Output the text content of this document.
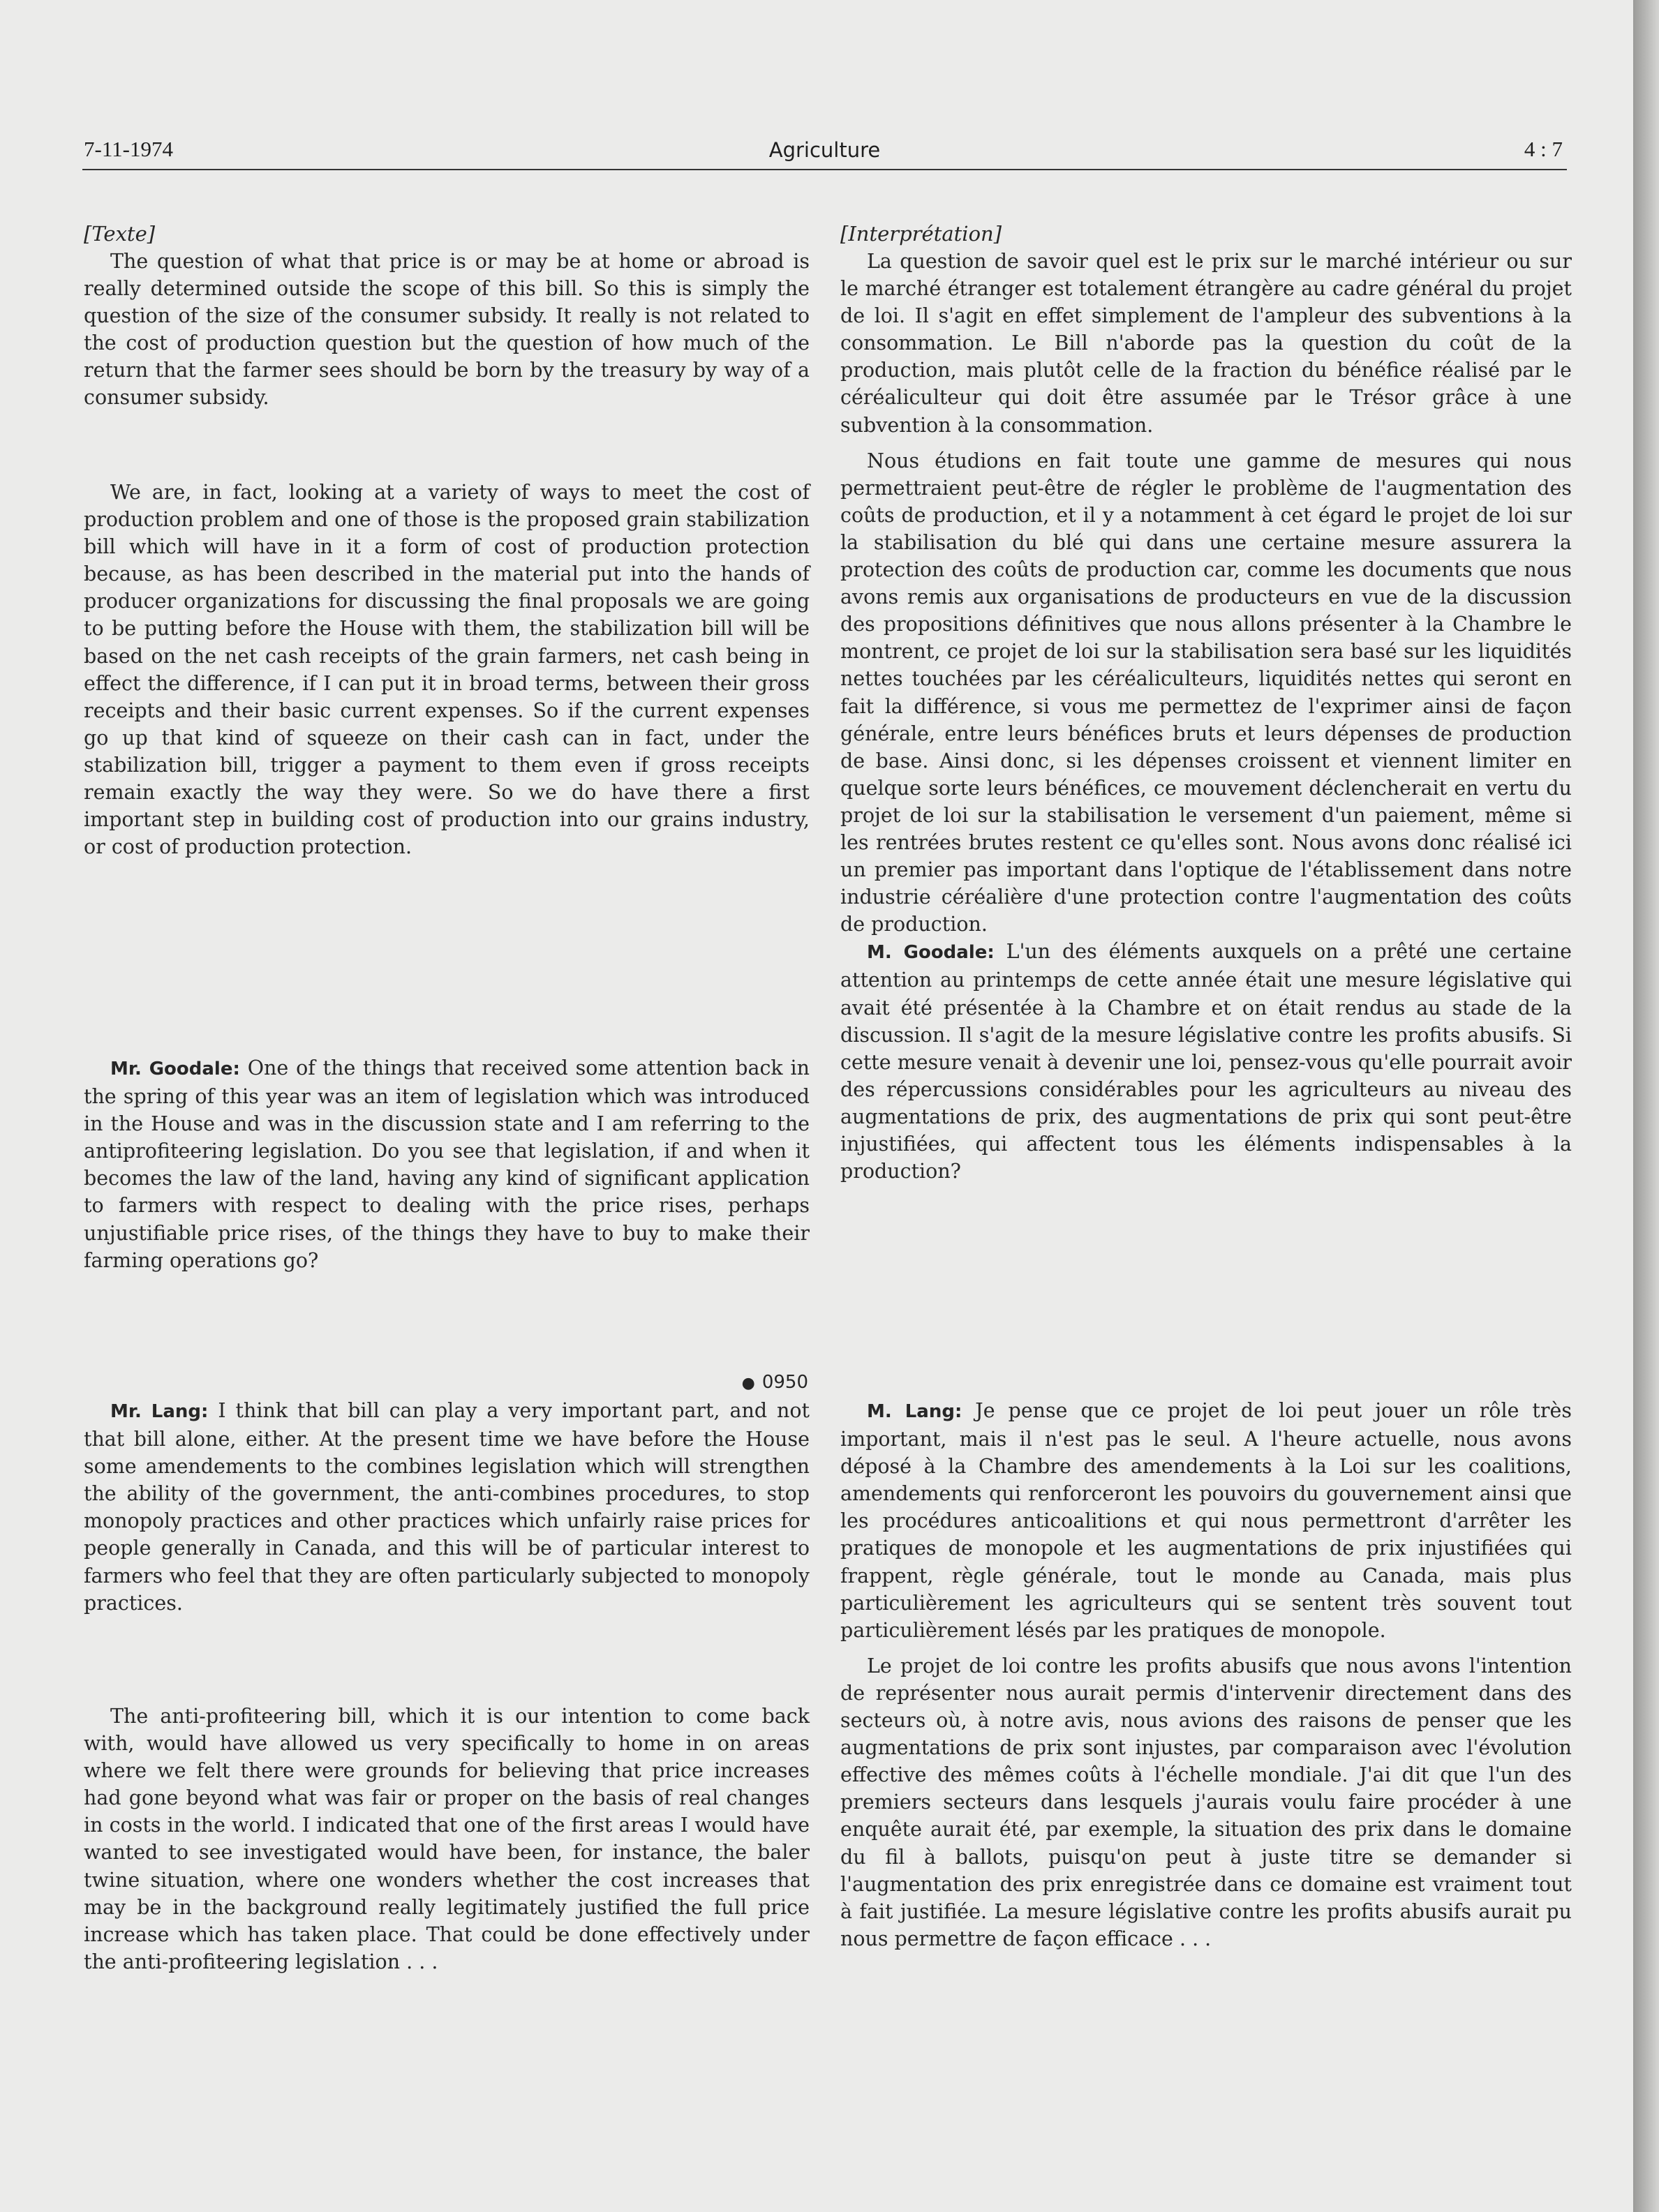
7-11-1974	Agriculture	4 : 7
[Texte]

The question of what that price is or may be at home or abroad is really determined outside the scope of this bill. So this is simply the question of the size of the consumer subsidy. It really is not related to the cost of production question but the question of how much of the return that the farmer sees should be born by the treasury by way of a consumer subsidy.

We are, in fact, looking at a variety of ways to meet the cost of production problem and one of those is the proposed grain stabilization bill which will have in it a form of cost of production protection because, as has been described in the material put into the hands of producer organizations for discussing the final proposals we are going to be putting before the House with them, the stabilization bill will be based on the net cash receipts of the grain farmers, net cash being in effect the difference, if I can put it in broad terms, between their gross receipts and their basic current expenses. So if the current expenses go up that kind of squeeze on their cash can in fact, under the stabilization bill, trigger a payment to them even if gross receipts remain exactly the way they were. So we do have there a first important step in building cost of production into our grains industry, or cost of production protection.

Mr. Goodale: One of the things that received some attention back in the spring of this year was an item of legislation which was introduced in the House and was in the discussion state and I am referring to the antiprofiteering legislation. Do you see that legislation, if and when it becomes the law of the land, having any kind of significant application to farmers with respect to dealing with the price rises, perhaps unjustifiable price rises, of the things they have to buy to make their farming operations go?

● 0950

Mr. Lang: I think that bill can play a very important part, and not that bill alone, either. At the present time we have before the House some amendements to the combines legislation which will strengthen the ability of the government, the anti-combines procedures, to stop monopoly practices and other practices which unfairly raise prices for people generally in Canada, and this will be of particular interest to farmers who feel that they are often particularly subjected to monopoly practices.

The anti-profiteering bill, which it is our intention to come back with, would have allowed us very specifically to home in on areas where we felt there were grounds for believing that price increases had gone beyond what was fair or proper on the basis of real changes in costs in the world. I indicated that one of the first areas I would have wanted to see investigated would have been, for instance, the baler twine situation, where one wonders whether the cost increases that may be in the background really legitimately justified the full price increase which has taken place. That could be done effectively under the anti-profiteering legislation . . .

[Interprétation]

La question de savoir quel est le prix sur le marché intérieur ou sur le marché étranger est totalement étrangère au cadre général du projet de loi. Il s'agit en effet simplement de l'ampleur des subventions à la consommation. Le Bill n'aborde pas la question du coût de la production, mais plutôt celle de la fraction du bénéfice réalisé par le céréaliculteur qui doit être assumée par le Trésor grâce à une subvention à la consommation.

Nous étudions en fait toute une gamme de mesures qui nous permettraient peut-être de régler le problème de l'augmentation des coûts de production, et il y a notamment à cet égard le projet de loi sur la stabilisation du blé qui dans une certaine mesure assurera la protection des coûts de production car, comme les documents que nous avons remis aux organisations de producteurs en vue de la discussion des propositions définitives que nous allons présenter à la Chambre le montrent, ce projet de loi sur la stabilisation sera basé sur les liquidités nettes touchées par les céréaliculteurs, liquidités nettes qui seront en fait la différence, si vous me permettez de l'exprimer ainsi de façon générale, entre leurs bénéfices bruts et leurs dépenses de production de base. Ainsi donc, si les dépenses croissent et viennent limiter en quelque sorte leurs bénéfices, ce mouvement déclencherait en vertu du projet de loi sur la stabilisation le versement d'un paiement, même si les rentrées brutes restent ce qu'elles sont. Nous avons donc réalisé ici un premier pas important dans l'optique de l'établissement dans notre industrie céréalière d'une protection contre l'augmentation des coûts de production.

M. Goodale: L'un des éléments auxquels on a prêté une certaine attention au printemps de cette année était une mesure législative qui avait été présentée à la Chambre et on était rendus au stade de la discussion. Il s'agit de la mesure législative contre les profits abusifs. Si cette mesure venait à devenir une loi, pensez-vous qu'elle pourrait avoir des répercussions considérables pour les agriculteurs au niveau des augmentations de prix, des augmentations de prix qui sont peut-être injustifiées, qui affectent tous les éléments indispensables à la production?

M. Lang: Je pense que ce projet de loi peut jouer un rôle très important, mais il n'est pas le seul. A l'heure actuelle, nous avons déposé à la Chambre des amendements à la Loi sur les coalitions, amendements qui renforceront les pouvoirs du gouvernement ainsi que les procédures anticoalitions et qui nous permettront d'arrêter les pratiques de monopole et les augmentations de prix injustifiées qui frappent, règle générale, tout le monde au Canada, mais plus particulièrement les agriculteurs qui se sentent très souvent tout particulièrement lésés par les pratiques de monopole.

Le projet de loi contre les profits abusifs que nous avons l'intention de représenter nous aurait permis d'intervenir directement dans des secteurs où, à notre avis, nous avions des raisons de penser que les augmentations de prix sont injustes, par comparaison avec l'évolution effective des mêmes coûts à l'échelle mondiale. J'ai dit que l'un des premiers secteurs dans lesquels j'aurais voulu faire procéder à une enquête aurait été, par exemple, la situation des prix dans le domaine du fil à ballots, puisqu'on peut à juste titre se demander si l'augmentation des prix enregistrée dans ce domaine est vraiment tout à fait justifiée. La mesure législative contre les profits abusifs aurait pu nous permettre de façon efficace . . .
